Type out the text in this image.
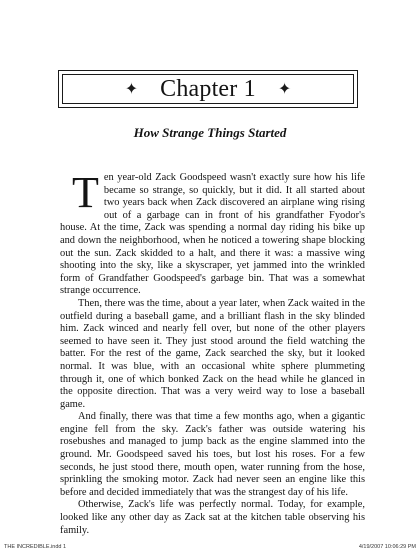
✦ Chapter 1 ✦
How Strange Things Started

Ten year-old Zack Goodspeed wasn't exactly sure how his life became so strange, so quickly, but it did. It all started about two years back when Zack discovered an airplane wing rising out of a garbage can in front of his grandfather Fyodor's house. At the time, Zack was spending a normal day riding his bike up and down the neighborhood, when he noticed a towering shape blocking out the sun. Zack skidded to a halt, and there it was: a massive wing shooting into the sky, like a skyscraper, yet jammed into the wrinkled form of Grandfather Goodspeed's garbage bin. That was a somewhat strange occurrence.

Then, there was the time, about a year later, when Zack waited in the outfield during a baseball game, and a brilliant flash in the sky blinded him. Zack winced and nearly fell over, but none of the other players seemed to have seen it. They just stood around the field watching the batter. For the rest of the game, Zack searched the sky, but it looked normal. It was blue, with an occasional white sphere plummeting through it, one of which bonked Zack on the head while he glanced in the opposite direction. That was a very weird way to lose a baseball game.

And finally, there was that time a few months ago, when a gigantic engine fell from the sky. Zack's father was outside watering his rosebushes and managed to jump back as the engine slammed into the ground. Mr. Goodspeed saved his toes, but lost his roses. For a few seconds, he just stood there, mouth open, water running from the hose, sprinkling the smoking motor. Zack had never seen an engine like this before and decided immediately that was the strangest day of his life.

Otherwise, Zack's life was perfectly normal. Today, for example, looked like any other day as Zack sat at the kitchen table observing his family.

THE INCREDIBLE.indd 1	4/19/2007 10:06:29 PM
